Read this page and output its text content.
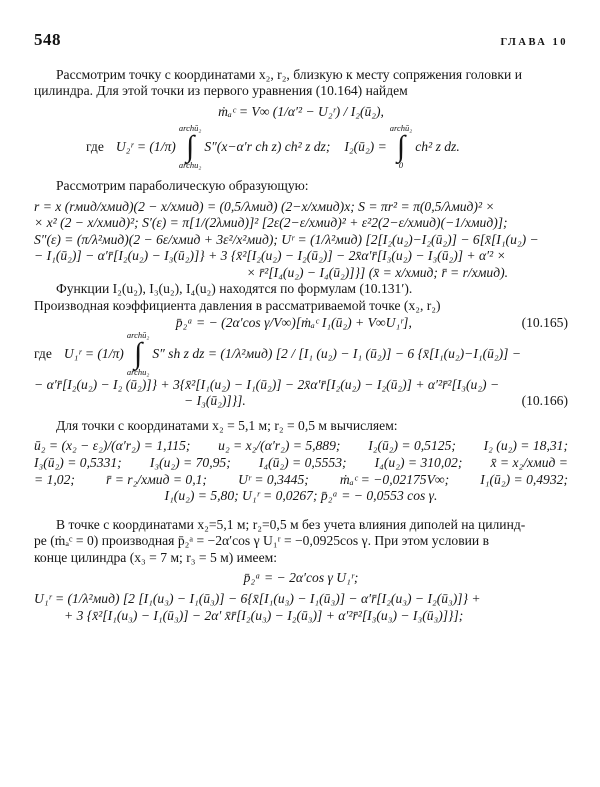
548	ГЛАВА 10

Рассмотрим точку с координатами x₂, r₂, близкую к месту сопряжения головки и

цилиндра. Для этой точки из первого уравнения (10.164) найдем

ṁₐᶜ = V∞ (1/α′² − U₂ʳ) / I₂(ū₂),

где U₂ʳ = (1/π)
archū₂
∫
archu₂
S″(x−α′r ch z) ch² z dz; I₂(ū₂) =
archū₂
∫
0
ch² z dz.

Рассмотрим параболическую образующую:

r = x (rмид/xмид)(2 − x/xмид) = (0,5/λмид) (2−x/xмид)x; S = πr² = π(0,5/λмид)² ×

× x² (2 − x/xмид)²; S′(ε) = π[1/(2λмид)]² [2ε(2−ε/xмид)² + ε²2(2−ε/xмид)(−1/xмид)];

S″(ε) = (π/λ²мид)(2 − 6ε/xмид + 3ε²/x²мид); Uʳ = (1/λ²мид) [2[I₂(u₂)−I₂(ū₂)] − 6[x̄[I₁(u₂) −

− I₁(ū₂)] − α′r̄[I₂(u₂) − I₃(ū₂)]} + 3 {x̄²[I₂(u₂) − I₂(ū₂)] − 2x̄α′r̄[I₃(u₂) − I₃(ū₂)] + α′² ×

× r̄²[I₄(u₂) − I₄(ū₂)]}] (x̄ = x/xмид; r̄ = r/xмид).

Функции I₂(u₂), I₃(u₂), I₄(u₂) находятся по формулам (10.131′).

Производная коэффициента давления в рассматриваемой точке (x₂, r₂)

p̄₂ᵃ = − (2α′cos γ/V∞)[ṁₐᶜ I₁(ū₂) + V∞U₁ʳ],	(10.165)
где U₁ʳ = (1/π)
archū₂
∫
archu₂
S″ sh z dz = (1/λ²мид) [2 / [I₁ (u₂) − I₁ (ū₂)] − 6 {x̄[I₁(u₂)−I₁(ū₂)] −

− α′r̄[I₂(u₂) − I₂ (ū₂)]} + 3{x̄²[I₁(u₂) − I₁(ū₂)] − 2x̄α′r̄[I₂(u₂) − I₂(ū₂)] + α′²r̄²[I₃(u₂) −

− I₃(ū₂)]}].	(10.166)

Для точки с координатами x₂ = 5,1 м; r₂ = 0,5 м вычисляем:

ū₂ = (x₂ − ε₂)/(α′r₂) = 1,115;	u₂ = x₂/(α′r₂) = 5,889;	I₂(ū₂) = 0,5125;	I₂ (u₂) = 18,31;
I₃(ū₂) = 0,5331;	I₃(u₂) = 70,95;	I₄(ū₂) = 0,5553;	I₄(u₂) = 310,02;	x̄ = x₂/xмид =
= 1,02;	r̄ = r₂/xмид = 0,1;	Uʳ = 0,3445;	ṁₐᶜ = −0,02175V∞;	I₁(ū₂) = 0,4932;

I₁(u₂) = 5,80; U₁ʳ = 0,0267; p̄₂ᵃ = − 0,0553 cos γ.

В точке с координатами x₂=5,1 м; r₂=0,5 м без учета влияния диполей на цилинд-

ре (ṁₐᶜ = 0) производная p̄₂ᵃ = −2α′cos γ U₁ʳ = −0,0925cos γ. При этом условии в

конце цилиндра (x₃ = 7 м; r₃ = 5 м) имеем:

p̄₂ᵃ = − 2α′cos γ U₁ʳ;

U₁ʳ = (1/λ²мид) [2 [I₁(u₃) − I₁(ū₃)] − 6{x̄[I₁(u₃) − I₁(ū₃)] − α′r̄[I₂(u₃) − I₂(ū₃)]} +

+ 3 {x̄²[I₁(u₃) − I₁(ū₃)] − 2α′ x̄r̄[I₂(u₃) − I₂(ū₃)] + α′²r̄²[I₃(u₃) − I₃(ū₃)]}];
